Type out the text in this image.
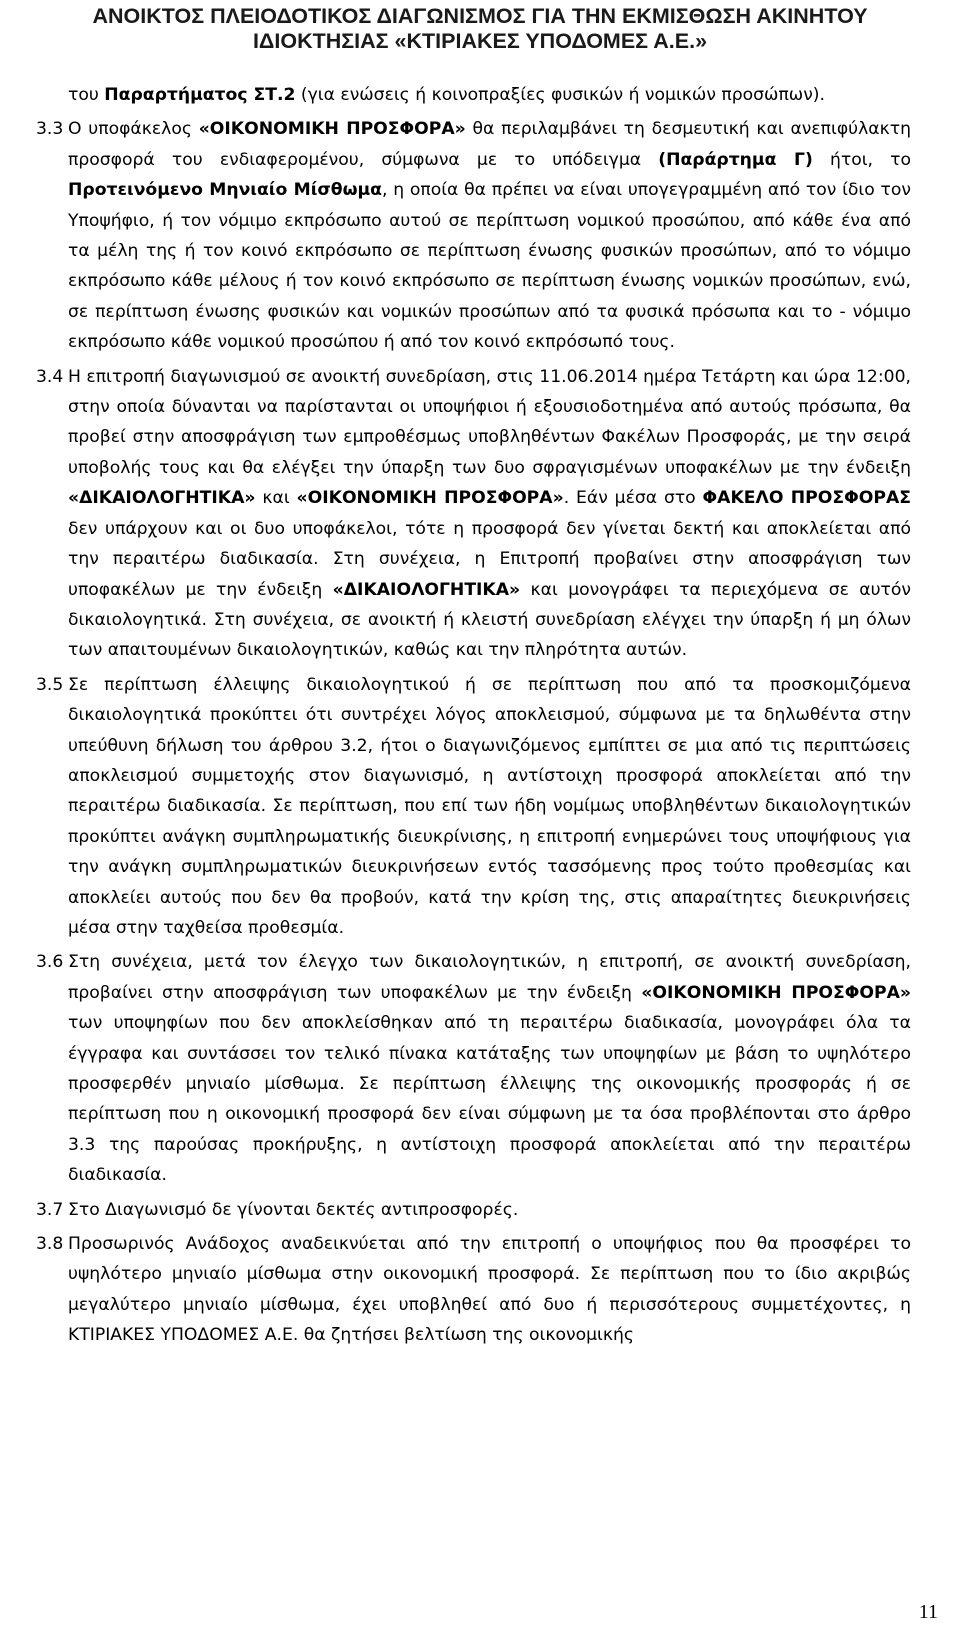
ΑΝΟΙΚΤΟΣ ΠΛΕΙΟΔΟΤΙΚΟΣ ΔΙΑΓΩΝΙΣΜΟΣ ΓΙΑ ΤΗΝ ΕΚΜΙΣΘΩΣΗ ΑΚΙΝΗΤΟΥ
ΙΔΙΟΚΤΗΣΙΑΣ «ΚΤΙΡΙΑΚΕΣ ΥΠΟΔΟΜΕΣ Α.Ε.»

του Παραρτήματος ΣΤ.2 (για ενώσεις ή κοινοπραξίες φυσικών ή νομικών προσώπων).

3.3 Ο υποφάκελος «ΟΙΚΟΝΟΜΙΚΗ ΠΡΟΣΦΟΡΑ» θα περιλαμβάνει τη δεσμευτική και ανεπιφύλακτη προσφορά του ενδιαφερομένου, σύμφωνα με το υπόδειγμα (Παράρτημα Γ) ήτοι, το Προτεινόμενο Μηνιαίο Μίσθωμα, η οποία θα πρέπει να είναι υπογεγραμμένη από τον ίδιο τον Υποψήφιο, ή τον νόμιμο εκπρόσωπο αυτού σε περίπτωση νομικού προσώπου, από κάθε ένα από τα μέλη της ή τον κοινό εκπρόσωπο σε περίπτωση ένωσης φυσικών προσώπων, από το νόμιμο εκπρόσωπο κάθε μέλους ή τον κοινό εκπρόσωπο σε περίπτωση ένωσης νομικών προσώπων, ενώ, σε περίπτωση ένωσης φυσικών και νομικών προσώπων από τα φυσικά πρόσωπα και το - νόμιμο εκπρόσωπο κάθε νομικού προσώπου ή από τον κοινό εκπρόσωπό τους.

3.4 Η επιτροπή διαγωνισμού σε ανοικτή συνεδρίαση, στις 11.06.2014 ημέρα Τετάρτη και ώρα 12:00, στην οποία δύνανται να παρίστανται οι υποψήφιοι ή εξουσιοδοτημένα από αυτούς πρόσωπα, θα προβεί στην αποσφράγιση των εμπροθέσμως υποβληθέντων Φακέλων Προσφοράς, με την σειρά υποβολής τους και θα ελέγξει την ύπαρξη των δυο σφραγισμένων υποφακέλων με την ένδειξη «ΔΙΚΑΙΟΛΟΓΗΤΙΚΑ» και «ΟΙΚΟΝΟΜΙΚΗ ΠΡΟΣΦΟΡΑ». Εάν μέσα στο ΦΑΚΕΛΟ ΠΡΟΣΦΟΡΑΣ δεν υπάρχουν και οι δυο υποφάκελοι, τότε η προσφορά δεν γίνεται δεκτή και αποκλείεται από την περαιτέρω διαδικασία. Στη συνέχεια, η Επιτροπή προβαίνει στην αποσφράγιση των υποφακέλων με την ένδειξη «ΔΙΚΑΙΟΛΟΓΗΤΙΚΑ» και μονογράφει τα περιεχόμενα σε αυτόν δικαιολογητικά. Στη συνέχεια, σε ανοικτή ή κλειστή συνεδρίαση ελέγχει την ύπαρξη ή μη όλων των απαιτουμένων δικαιολογητικών, καθώς και την πληρότητα αυτών.

3.5 Σε περίπτωση έλλειψης δικαιολογητικού ή σε περίπτωση που από τα προσκομιζόμενα δικαιολογητικά προκύπτει ότι συντρέχει λόγος αποκλεισμού, σύμφωνα με τα δηλωθέντα στην υπεύθυνη δήλωση του άρθρου 3.2, ήτοι ο διαγωνιζόμενος εμπίπτει σε μια από τις περιπτώσεις αποκλεισμού συμμετοχής στον διαγωνισμό, η αντίστοιχη προσφορά αποκλείεται από την περαιτέρω διαδικασία. Σε περίπτωση, που επί των ήδη νομίμως υποβληθέντων δικαιολογητικών προκύπτει ανάγκη συμπληρωματικής διευκρίνισης, η επιτροπή ενημερώνει τους υποψήφιους για την ανάγκη συμπληρωματικών διευκρινήσεων εντός τασσόμενης προς τούτο προθεσμίας και αποκλείει αυτούς που δεν θα προβούν, κατά την κρίση της, στις απαραίτητες διευκρινήσεις μέσα στην ταχθείσα προθεσμία.

3.6 Στη συνέχεια, μετά τον έλεγχο των δικαιολογητικών, η επιτροπή, σε ανοικτή συνεδρίαση, προβαίνει στην αποσφράγιση των υποφακέλων με την ένδειξη «ΟΙΚΟΝΟΜΙΚΗ ΠΡΟΣΦΟΡΑ» των υποψηφίων που δεν αποκλείσθηκαν από τη περαιτέρω διαδικασία, μονογράφει όλα τα έγγραφα και συντάσσει τον τελικό πίνακα κατάταξης των υποψηφίων με βάση το υψηλότερο προσφερθέν μηνιαίο μίσθωμα. Σε περίπτωση έλλειψης της οικονομικής προσφοράς ή σε περίπτωση που η οικονομική προσφορά δεν είναι σύμφωνη με τα όσα προβλέπονται στο άρθρο 3.3 της παρούσας προκήρυξης, η αντίστοιχη προσφορά αποκλείεται από την περαιτέρω διαδικασία.

3.7 Στο Διαγωνισμό δε γίνονται δεκτές αντιπροσφορές.

3.8 Προσωρινός Ανάδοχος αναδεικνύεται από την επιτροπή ο υποψήφιος που θα προσφέρει το υψηλότερο μηνιαίο μίσθωμα στην οικονομική προσφορά. Σε περίπτωση που το ίδιο ακριβώς μεγαλύτερο μηνιαίο μίσθωμα, έχει υποβληθεί από δυο ή περισσότερους συμμετέχοντες, η ΚΤΙΡΙΑΚΕΣ ΥΠΟΔΟΜΕΣ Α.Ε. θα ζητήσει βελτίωση της οικονομικής

11
